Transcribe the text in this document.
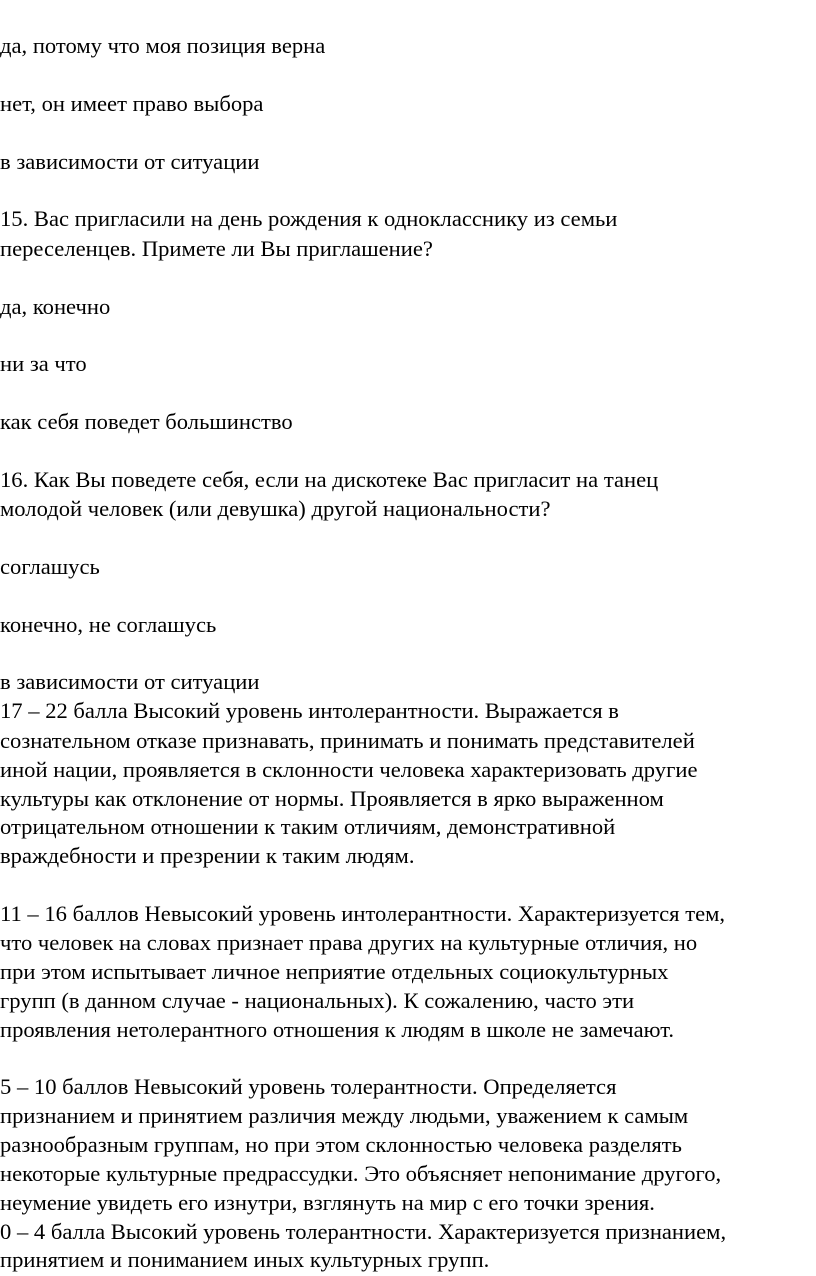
да, потому что моя позиция верна

нет, он имеет право выбора

в зависимости от ситуации

15. Вас пригласили на день рождения к однокласснику из семьи

переселенцев. Примете ли Вы приглашение?

да, конечно

ни за что

как себя поведет большинство

16. Как Вы поведете себя, если на дискотеке Вас пригласит на танец

молодой человек (или девушка) другой национальности?

соглашусь

конечно, не соглашусь

в зависимости от ситуации

17 – 22 балла Высокий уровень интолерантности. Выражается в

сознательном отказе признавать, принимать и понимать представителей

иной нации, проявляется в склонности человека характеризовать другие

культуры как отклонение от нормы. Проявляется в ярко выраженном

отрицательном отношении к таким отличиям, демонстративной

враждебности и презрении к таким людям.

11 – 16 баллов Невысокий уровень интолерантности. Характеризуется тем,

что человек на словах признает права других на культурные отличия, но

при этом испытывает личное неприятие отдельных социокультурных

групп (в данном случае - национальных). К сожалению, часто эти

проявления нетолерантного отношения к людям в школе не замечают.

5 – 10 баллов Невысокий уровень толерантности. Определяется

признанием и принятием различия между людьми, уважением к самым

разнообразным группам, но при этом склонностью человека разделять

некоторые культурные предрассудки. Это объясняет непонимание другого,

неумение увидеть его изнутри, взглянуть на мир с его точки зрения.

0 – 4 балла Высокий уровень толерантности. Характеризуется признанием,

принятием и пониманием иных культурных групп.
